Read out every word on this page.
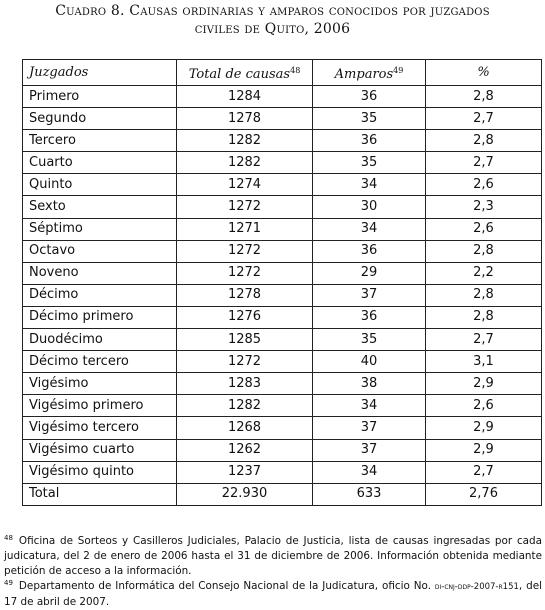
Cuadro 8. Causas ordinarias y amparos conocidos por juzgados
civiles de Quito, 2006
Juzgados	Total de causas$^{48}$	Amparos$^{49}$	%
Primero	1284	36	2,8
Segundo	1278	35	2,7
Tercero	1282	36	2,8
Cuarto	1282	35	2,7
Quinto	1274	34	2,6
Sexto	1272	30	2,3
Séptimo	1271	34	2,6
Octavo	1272	36	2,8
Noveno	1272	29	2,2
Décimo	1278	37	2,8
Décimo primero	1276	36	2,8
Duodécimo	1285	35	2,7
Décimo tercero	1272	40	3,1
Vigésimo	1283	38	2,9
Vigésimo primero	1282	34	2,6
Vigésimo tercero	1268	37	2,9
Vigésimo cuarto	1262	37	2,9
Vigésimo quinto	1237	34	2,7
Total	22.930	633	2,76
$^{48}$ Oficina de Sorteos y Casilleros Judiciales, Palacio de Justicia, lista de causas ingresadas por cada judicatura, del 2 de enero de 2006 hasta el 31 de diciembre de 2006. Información obtenida mediante petición de acceso a la información.
$^{49}$ Departamento de Informática del Consejo Nacional de la Judicatura, oficio No. di-cnj-ddp-2007-r151, del 17 de abril de 2007.
